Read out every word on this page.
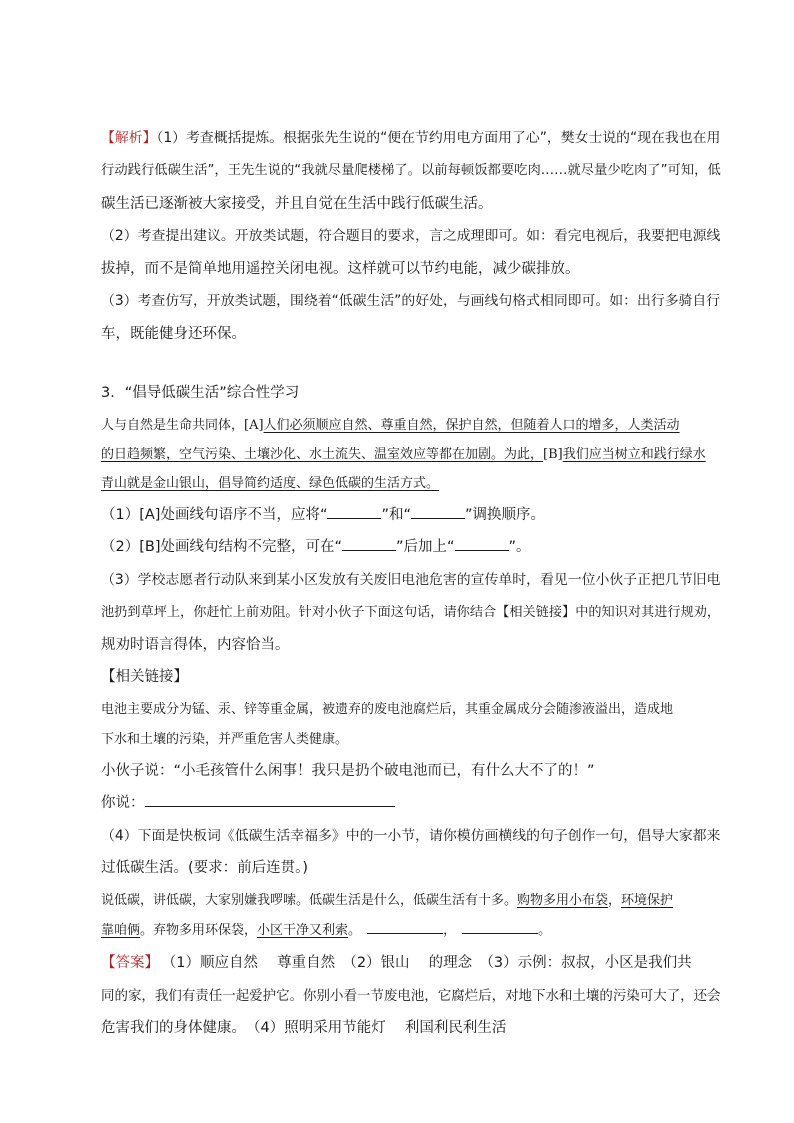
【解析】（1）考查概括提炼。根据张先生说的“便在节约用电方面用了心”，樊女士说的“现在我也在用
行动践行低碳生活”，王先生说的“我就尽量爬楼梯了。以前每顿饭都要吃肉……就尽量少吃肉了”可知，低
碳生活已逐渐被大家接受，并且自觉在生活中践行低碳生活。
（2）考查提出建议。开放类试题，符合题目的要求，言之成理即可。如：看完电视后，我要把电源线
拔掉，而不是简单地用遥控关闭电视。这样就可以节约电能，减少碳排放。
（3）考查仿写，开放类试题，围绕着“低碳生活”的好处，与画线句格式相同即可。如：出行多骑自行
车，既能健身还环保。
3．“倡导低碳生活”综合性学习
人与自然是生命共同体，[A]人们必须顺应自然、尊重自然，保护自然，但随着人口的增多，人类活动
的日趋频繁，空气污染、土壤沙化、水土流失、温室效应等都在加剧。为此，[B]我们应当树立和践行绿水
青山就是金山银山，倡导简约适度、绿色低碳的生活方式。
（1）[A]处画线句语序不当，应将“	”和“	”调换顺序。
（2）[B]处画线句结构不完整，可在“	”后加上“	”。
（3）学校志愿者行动队来到某小区发放有关废旧电池危害的宣传单时，看见一位小伙子正把几节旧电
池扔到草坪上，你赶忙上前劝阻。针对小伙子下面这句话，请你结合【相关链接】中的知识对其进行规劝，
规劝时语言得体，内容恰当。
【相关链接】
电池主要成分为锰、汞、锌等重金属，被遗弃的废电池腐烂后，其重金属成分会随渗液溢出，造成地
下水和土壤的污染，并严重危害人类健康。
小伙子说：“小毛孩管什么闲事！我只是扔个破电池而已，有什么大不了的！”
你说：
（4）下面是快板词《低碳生活幸福多》中的一小节，请你模仿画横线的句子创作一句，倡导大家都来
过低碳生活。(要求：前后连贯。)
说低碳，讲低碳，大家别嫌我啰嗦。低碳生活是什么，低碳生活有十多。购物多用小布袋，环境保护
靠咱俩。弃物多用环保袋，小区干净又利索。	，	。
【答案】 （1）顺应自然　 尊重自然　（2）银山　 的理念　（3）示例：叔叔，小区是我们共
同的家，我们有责任一起爱护它。你别小看一节废电池，它腐烂后，对地下水和土壤的污染可大了，还会
危害我们的身体健康。　（4）照明采用节能灯　 利国利民利生活
